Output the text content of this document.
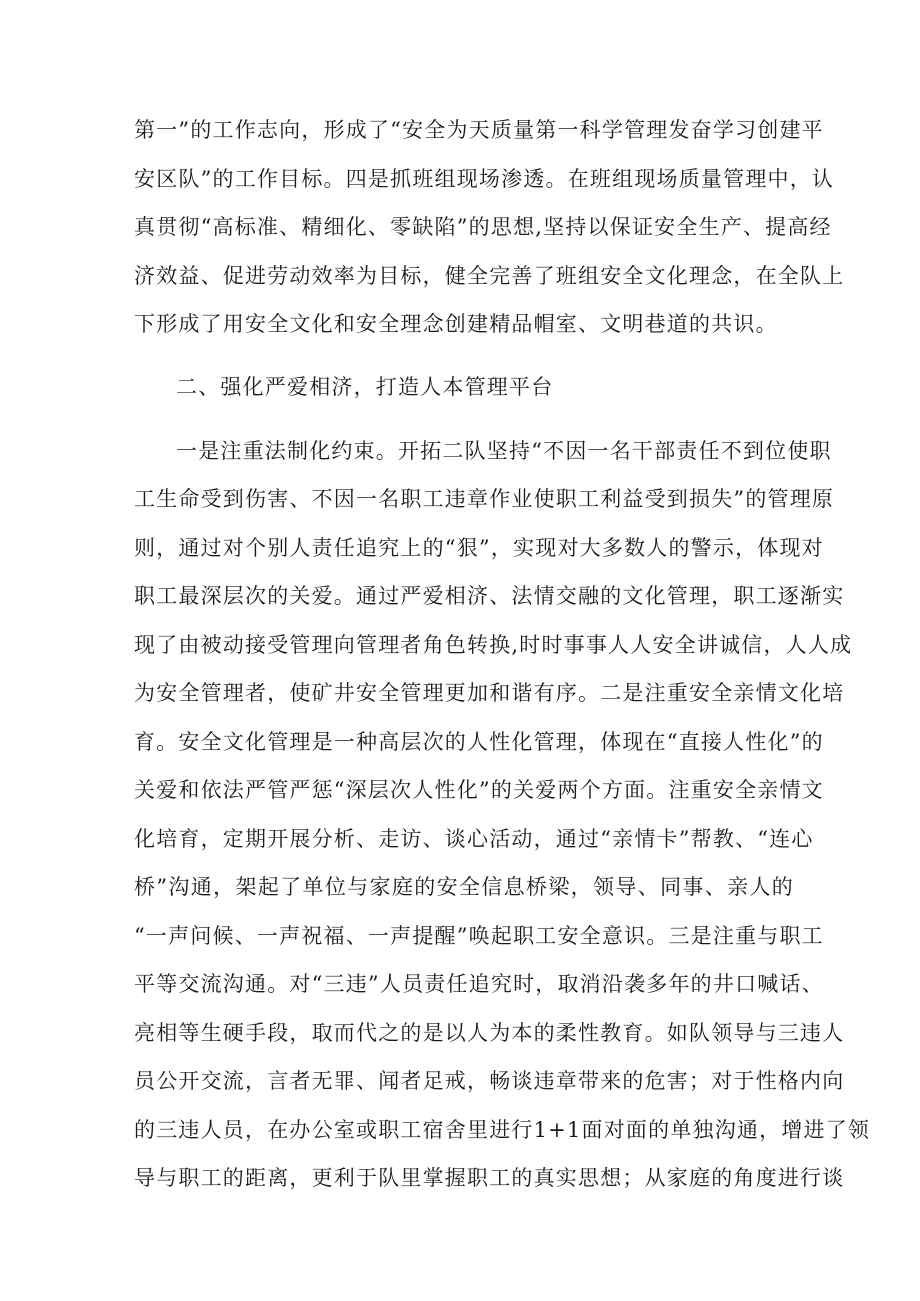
第一”的工作志向，形成了“安全为天质量第一科学管理发奋学习创建平
安区队”的工作目标。四是抓班组现场渗透。在班组现场质量管理中，认
真贯彻“高标准、精细化、零缺陷”的思想,坚持以保证安全生产、提高经
济效益、促进劳动效率为目标，健全完善了班组安全文化理念，在全队上
下形成了用安全文化和安全理念创建精品帽室、文明巷道的共识。
二、强化严爱相济，打造人本管理平台
一是注重法制化约束。开拓二队坚持“不因一名干部责任不到位使职
工生命受到伤害、不因一名职工违章作业使职工利益受到损失”的管理原
则，通过对个别人责任追究上的“狠”，实现对大多数人的警示，体现对
职工最深层次的关爱。通过严爱相济、法情交融的文化管理，职工逐渐实
现了由被动接受管理向管理者角色转换,时时事事人人安全讲诚信，人人成
为安全管理者，使矿井安全管理更加和谐有序。二是注重安全亲情文化培
育。安全文化管理是一种高层次的人性化管理，体现在“直接人性化”的
关爱和依法严管严惩“深层次人性化”的关爱两个方面。注重安全亲情文
化培育，定期开展分析、走访、谈心活动，通过“亲情卡”帮教、“连心
桥”沟通，架起了单位与家庭的安全信息桥梁，领导、同事、亲人的
“一声问候、一声祝福、一声提醒”唤起职工安全意识。三是注重与职工
平等交流沟通。对“三违”人员责任追究时，取消沿袭多年的井口喊话、
亮相等生硬手段，取而代之的是以人为本的柔性教育。如队领导与三违人
员公开交流，言者无罪、闻者足戒，畅谈违章带来的危害；对于性格内向
的三违人员，在办公室或职工宿舍里进行1+1面对面的单独沟通，增进了领
导与职工的距离，更利于队里掌握职工的真实思想；从家庭的角度进行谈
